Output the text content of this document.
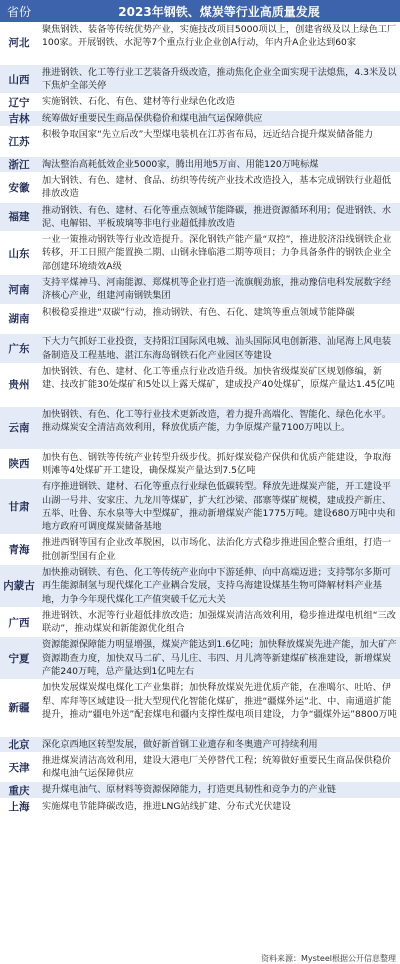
省份	2023年钢铁、煤炭等行业高质量发展
河北
聚焦钢铁、装备等传统优势产业，实施技改项目5000项以上，创建省级及以上绿色工厂100家。开展钢铁、水泥等7个重点行业企业创A行动，年内升A企业达到60家
山西
推进钢铁、化工等行业工艺装备升级改造，推动焦化企业全面实现干法熄焦，4.3米及以下焦炉全部关停
辽宁	实施钢铁、石化、有色、建材等行业绿色化改造
吉林	统筹做好重要民生商品保供稳价和煤电油气运保障供应
江苏
积极争取国家“先立后改”大型煤电装机在江苏省布局，远近结合提升煤炭储备能力
浙江	淘汰整治高耗低效企业5000家，腾出用地5万亩、用能120万吨标煤
安徽
加大钢铁、有色、建材、食品、纺织等传统产业技术改造投入，基本完成钢铁行业超低排放改造
福建
推动钢铁、有色、建材、石化等重点领域节能降碳，推进资源循环利用；促进钢铁、水泥、电解铝、平板玻璃等非电行业超低排放改造
山东
一业一策推动钢铁等行业改造提升。深化钢铁产能产量“双控”，推进胶济沿线钢铁企业转移，开工日照产能置换二期、山钢永锋临港二期等项目；力争具备条件的钢铁企业全部创建环境绩效A级
河南
支持平煤神马、河南能源、郑煤机等企业打造一流旗舰劲旅，推动豫信电科发展数字经济核心产业，组建河南钢铁集团
湖南
积极稳妥推进“双碳”行动，推动钢铁、有色、石化、建筑等重点领域节能降碳
广东
下大力气抓好工业投资，支持阳江国际风电城、汕头国际风电创新港、汕尾海上风电装备制造及工程基地、湛江东海岛钢铁石化产业园区等建设
贵州
加快钢铁、有色、建材、化工等重点行业改造升级。加快省级煤炭矿区规划修编，新建、技改扩能30处煤矿和5处以上露天煤矿，建成投产40处煤矿，原煤产量达1.45亿吨
云南
加快钢铁、有色、化工等行业技术更新改造，着力提升高端化、智能化、绿色化水平。推动煤炭安全清洁高效利用，释放优质产能，力争原煤产量7100万吨以上。
陕西
加快有色、钢铁等传统产业转型升级步伐。抓好煤炭稳产保供和优质产能建设，争取海则滩等4处煤矿开工建设，确保煤炭产量达到7.5亿吨
甘肃
有序推进钢铁、建材、石化等重点行业绿色低碳转型。释放先进煤炭产能，开工建设平山湖一号井、安家庄、九龙川等煤矿，扩大红沙梁、邵寨等煤矿规模，建成投产新庄、五举、吐鲁、东水泉等大中型煤矿，推动新增煤炭产能1775万吨。建设680万吨中央和地方政府可调度煤炭储备基地
青海
推进西钢等国有企业改革脱困，以市场化、法治化方式稳步推进国企整合重组，打造一批创新型国有企业
内蒙古
加快推动钢铁、有色、化工等传统产业向中下游延伸、向中高端迈进；支持鄂尔多斯可再生能源制氢与现代煤化工产业耦合发展，支持乌海建设煤基生物可降解材料产业基地，力争今年现代煤化工产值突破千亿元大关
广西
推进钢铁、水泥等行业超低排放改造；加强煤炭清洁高效利用，稳步推进煤电机组“三改联动”，推动煤炭和新能源优化组合
宁夏
资源能源保障能力明显增强，煤炭产能达到1.6亿吨；加快释放煤炭先进产能，加大矿产资源勘查力度，加快双马二矿、马儿庄、韦四、月儿湾等新建煤矿核准建设，新增煤炭产能240万吨，总产量达到1亿吨左右
新疆
加快发展煤炭煤电煤化工产业集群；加快释放煤炭先进优质产能，在准噶尔、吐哈、伊犁、库拜等区域建设一批大型现代化智能化煤矿，推进“疆煤外运”北、中、南通道扩能提升，推动“疆电外送”配套煤电和疆内支撑性煤电项目建设，力争“疆煤外运”8800万吨
北京	深化京西地区转型发展，做好新首钢工业遗存和冬奥遗产可持续利用
天津
推进煤炭清洁高效利用，建设大港电厂关停替代工程；统筹做好重要民生商品保供稳价和煤电油气运保障供应
重庆	提升煤电油气、原材料等资源保障能力，打造更具韧性和竞争力的产业链
上海	实施煤电节能降碳改造，推进LNG站线扩建、分布式光伏建设
资料来源：Mysteel根据公开信息整理
